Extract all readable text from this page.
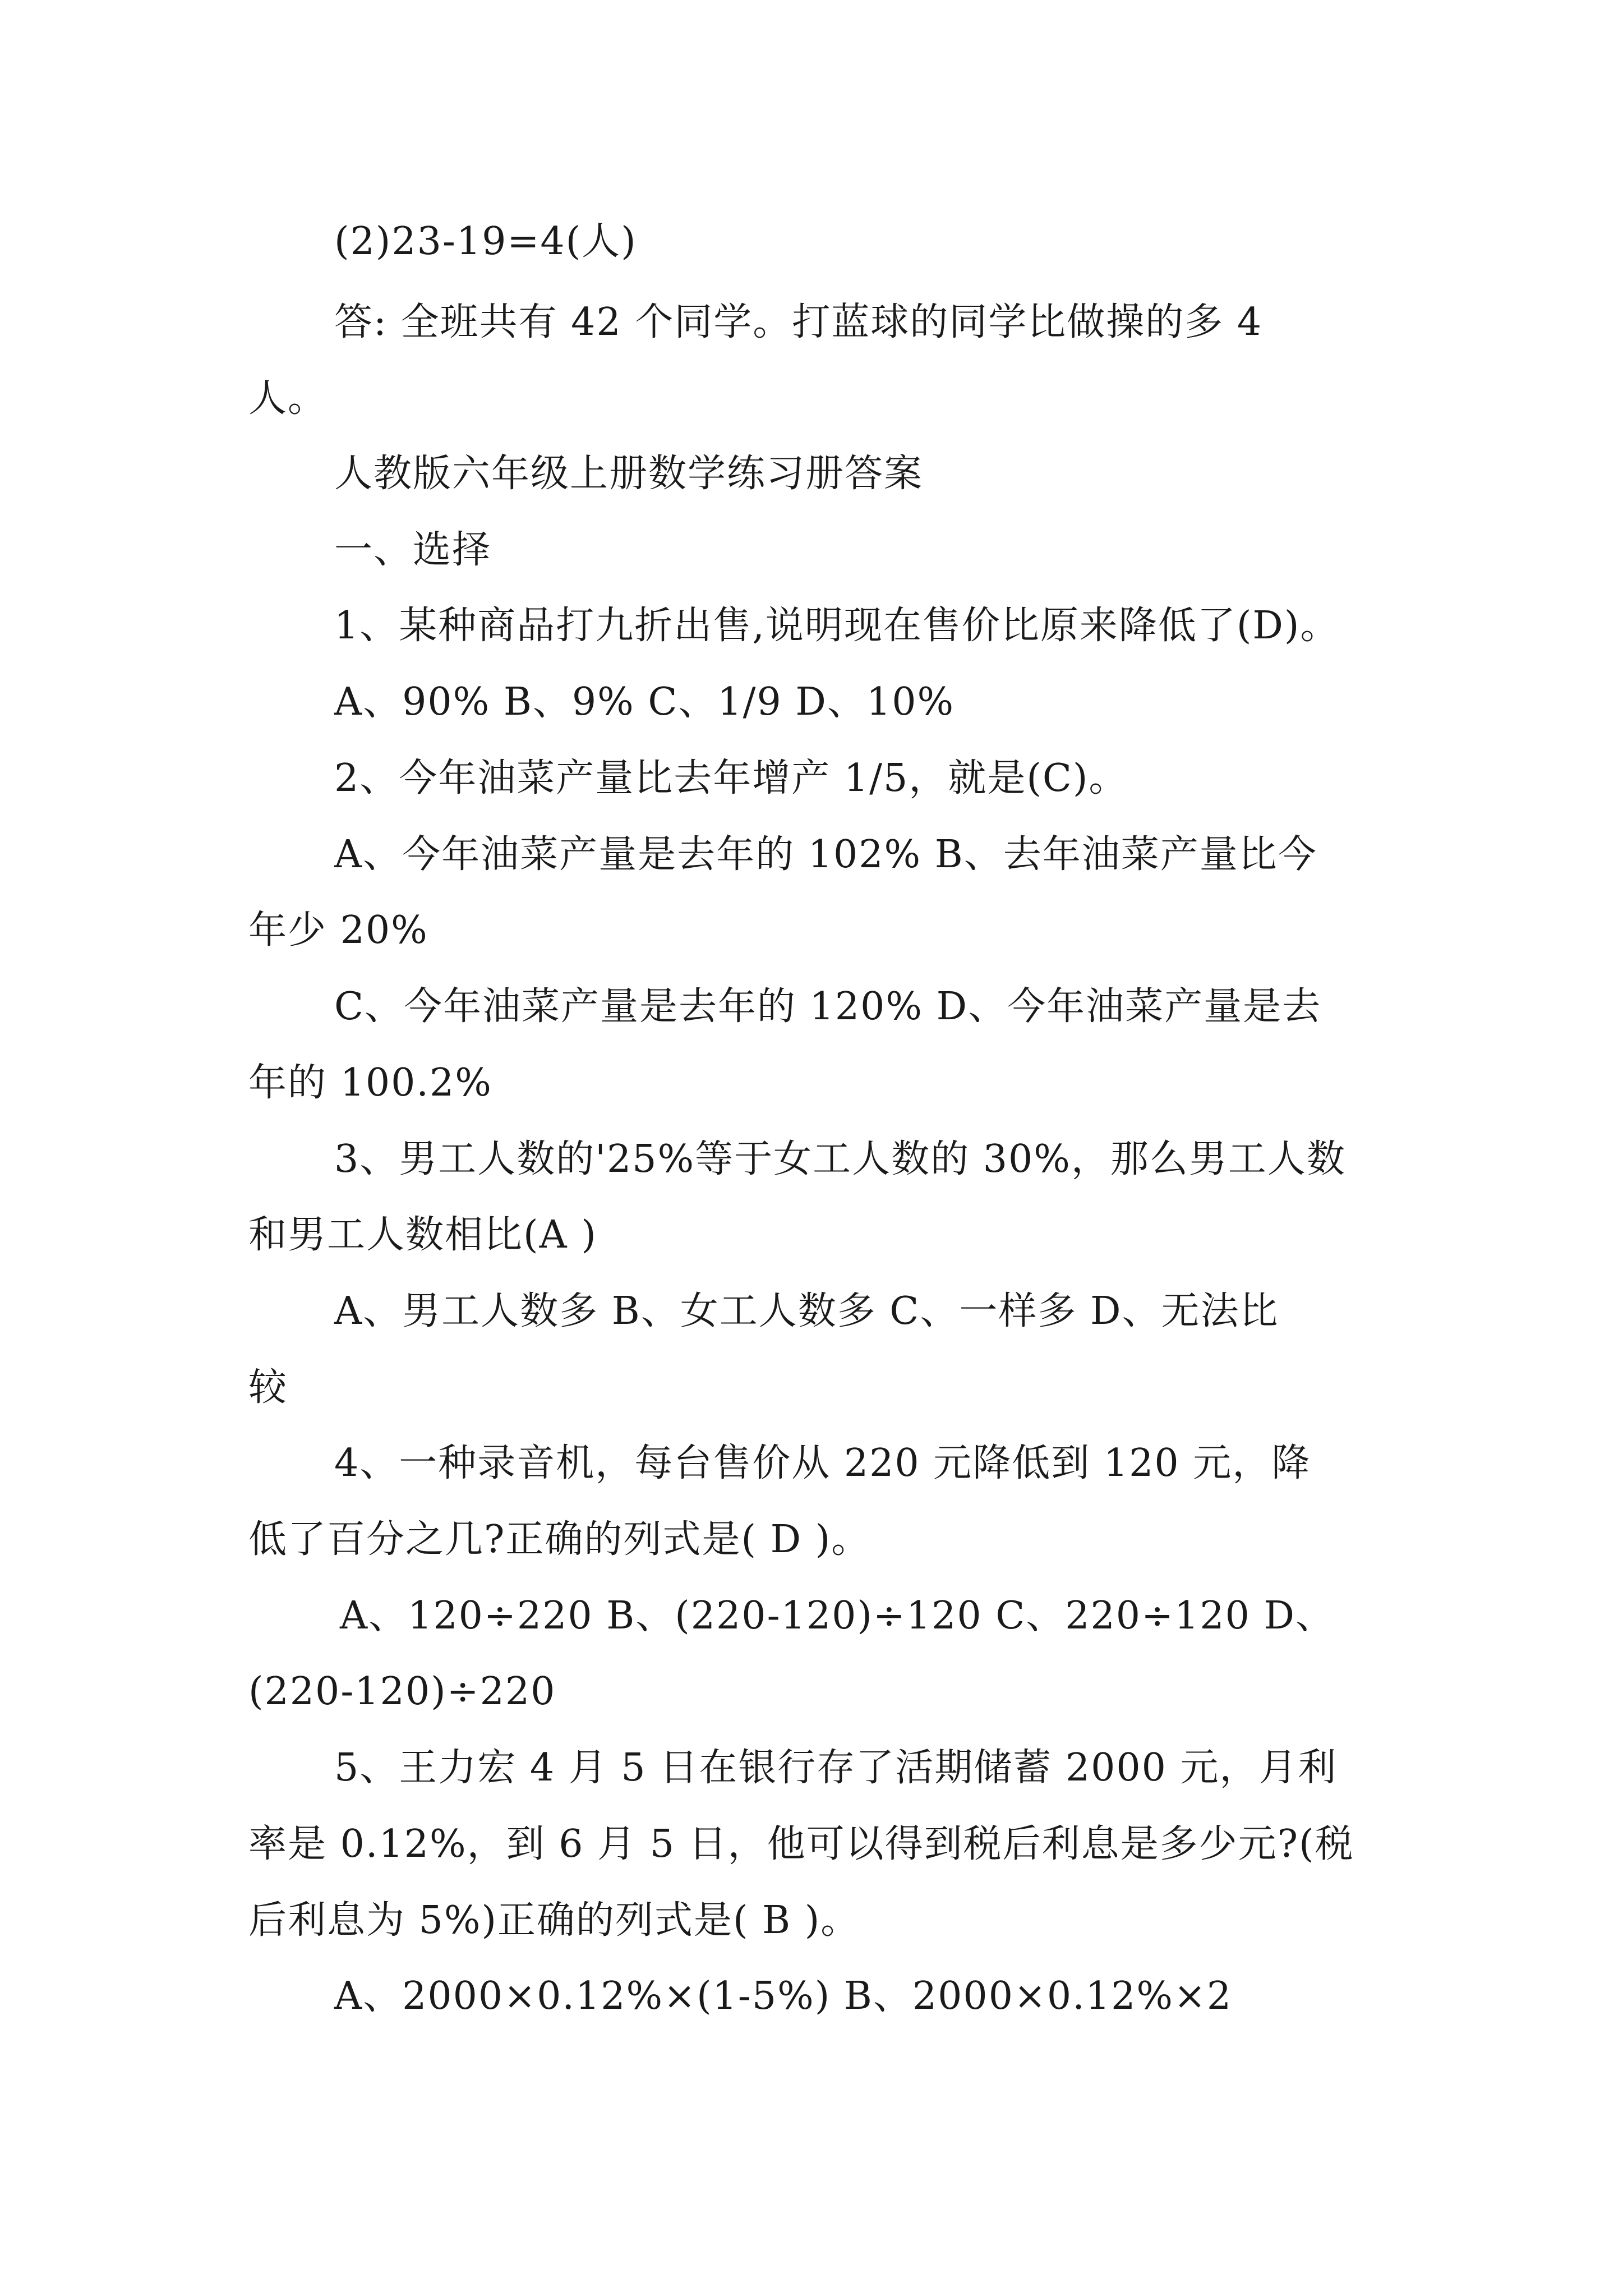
(2)23-19=4(人)
答: 全班共有 42 个同学。打蓝球的同学比做操的多 4
人。
人教版六年级上册数学练习册答案
一、选择
1、某种商品打九折出售,说明现在售价比原来降低了(D)。
A、90% B、9% C、1/9 D、10%
2、今年油菜产量比去年增产 1/5，就是(C)。
A、今年油菜产量是去年的 102% B、去年油菜产量比今
年少 20%
C、今年油菜产量是去年的 120% D、今年油菜产量是去
年的 100.2%
3、男工人数的'25%等于女工人数的 30%，那么男工人数
和男工人数相比(A )
A、男工人数多 B、女工人数多 C、一样多 D、无法比
较
4、一种录音机，每台售价从 220 元降低到 120 元，降
低了百分之几?正确的列式是( D )。
A、120÷220 B、(220-120)÷120 C、220÷120 D、
(220-120)÷220
5、王力宏 4 月 5 日在银行存了活期储蓄 2000 元，月利
率是 0.12%，到 6 月 5 日，他可以得到税后利息是多少元?(税
后利息为 5%)正确的列式是( B )。
A、2000×0.12%×(1-5%) B、2000×0.12%×2
